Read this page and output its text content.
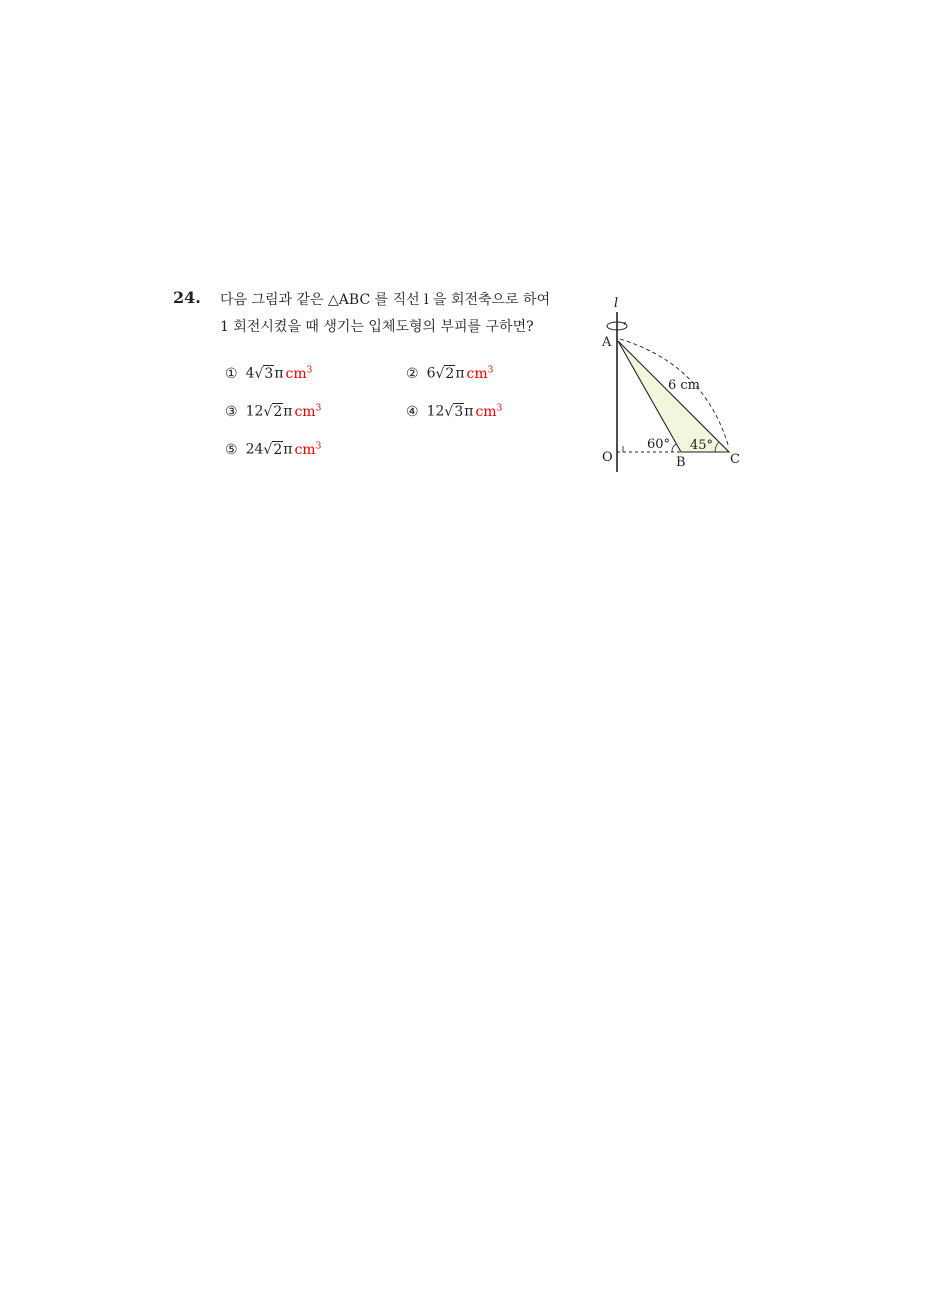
24. 다음 그림과 같은 △ABC 를 직선 l 을 회전축으로 하여
1 회전시켰을 때 생기는 입체도형의 부피를 구하면?
① 4√3π $cm^3$	② 6√2π $cm^3$
③ 12√2π $cm^3$	④ 12√3π $cm^3$
⑤ 24√2π $cm^3$
l
A
O	B	C
6 cm
60° 45°
